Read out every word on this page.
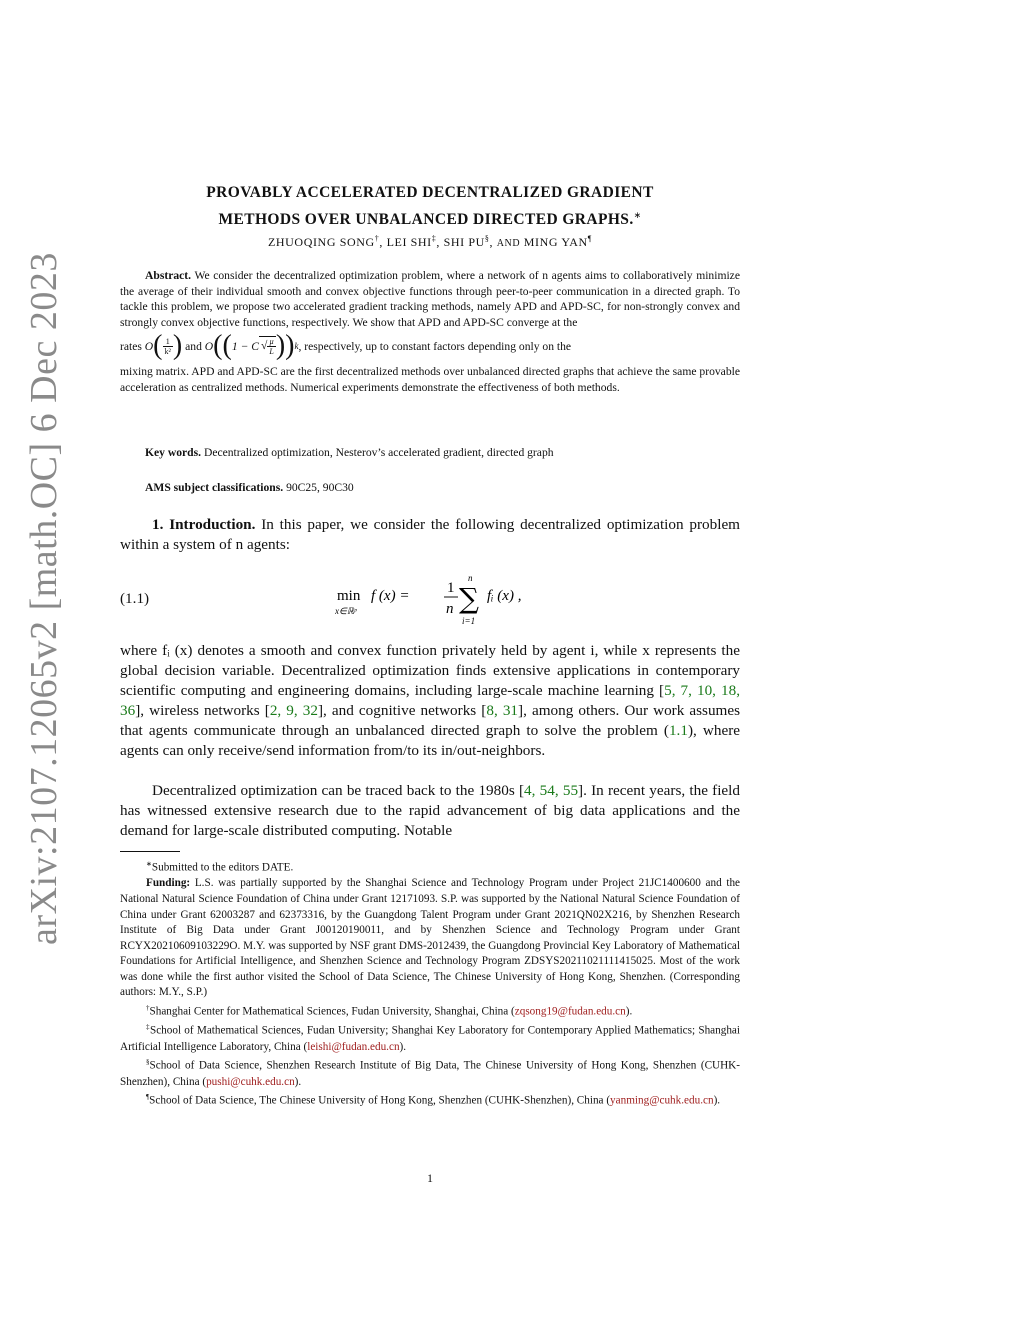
arXiv:2107.12065v2 [math.OC] 6 Dec 2023
PROVABLY ACCELERATED DECENTRALIZED GRADIENT
METHODS OVER UNBALANCED DIRECTED GRAPHS.∗
ZHUOQING SONG†, LEI SHI‡, SHI PU§, AND MING YAN¶

Abstract. We consider the decentralized optimization problem, where a network of n agents aims to collaboratively minimize the average of their individual smooth and convex objective functions through peer-to-peer communication in a directed graph. To tackle this problem, we propose two accelerated gradient tracking methods, namely APD and APD-SC, for non-strongly convex and strongly convex objective functions, respectively. We show that APD and APD-SC converge at the

rates
O ( $\frac{1}{\text{k²}}$ )
and
O (( 1 − C √ $\frac{\mu}{L}$ )) k , respectively, up to constant factors depending only on the

mixing matrix. APD and APD-SC are the first decentralized methods over unbalanced directed graphs that achieve the same provable acceleration as centralized methods. Numerical experiments demonstrate the effectiveness of both methods.

Key words. Decentralized optimization, Nesterov’s accelerated gradient, directed graph
AMS subject classifications. 90C25, 90C30

1. Introduction. In this paper, we consider the following decentralized optimization problem within a system of n agents:

(1.1)	min
x∈ℝᵖ
f (x) =	1
n
n
∑
i=1
fᵢ (x) ,

where fᵢ (x) denotes a smooth and convex function privately held by agent i, while x represents the global decision variable. Decentralized optimization finds extensive applications in contemporary scientific computing and engineering domains, including large-scale machine learning [5, 7, 10, 18, 36], wireless networks [2, 9, 32], and cognitive networks [8, 31], among others. Our work assumes that agents communicate through an unbalanced directed graph to solve the problem (1.1), where agents can only receive/send information from/to its in/out-neighbors.

Decentralized optimization can be traced back to the 1980s [4, 54, 55]. In recent years, the field has witnessed extensive research due to the rapid advancement of big data applications and the demand for large-scale distributed computing. Notable

∗Submitted to the editors DATE.

Funding: L.S. was partially supported by the Shanghai Science and Technology Program under Project 21JC1400600 and the National Natural Science Foundation of China under Grant 12171093. S.P. was supported by the National Natural Science Foundation of China under Grant 62003287 and 62373316, by the Guangdong Talent Program under Grant 2021QN02X216, by Shenzhen Research Institute of Big Data under Grant J00120190011, and by Shenzhen Science and Technology Program under Grant RCYX20210609103229O. M.Y. was supported by NSF grant DMS-2012439, the Guangdong Provincial Key Laboratory of Mathematical Foundations for Artificial Intelligence, and Shenzhen Science and Technology Program ZDSYS20211021111415025. Most of the work was done while the first author visited the School of Data Science, The Chinese University of Hong Kong, Shenzhen. (Corresponding authors: M.Y., S.P.)

†Shanghai Center for Mathematical Sciences, Fudan University, Shanghai, China (zqsong19@fudan.edu.cn).

‡School of Mathematical Sciences, Fudan University; Shanghai Key Laboratory for Contemporary Applied Mathematics; Shanghai Artificial Intelligence Laboratory, China (leishi@fudan.edu.cn).

§School of Data Science, Shenzhen Research Institute of Big Data, The Chinese University of Hong Kong, Shenzhen (CUHK-Shenzhen), China (pushi@cuhk.edu.cn).

¶School of Data Science, The Chinese University of Hong Kong, Shenzhen (CUHK-Shenzhen), China (yanming@cuhk.edu.cn).

1
